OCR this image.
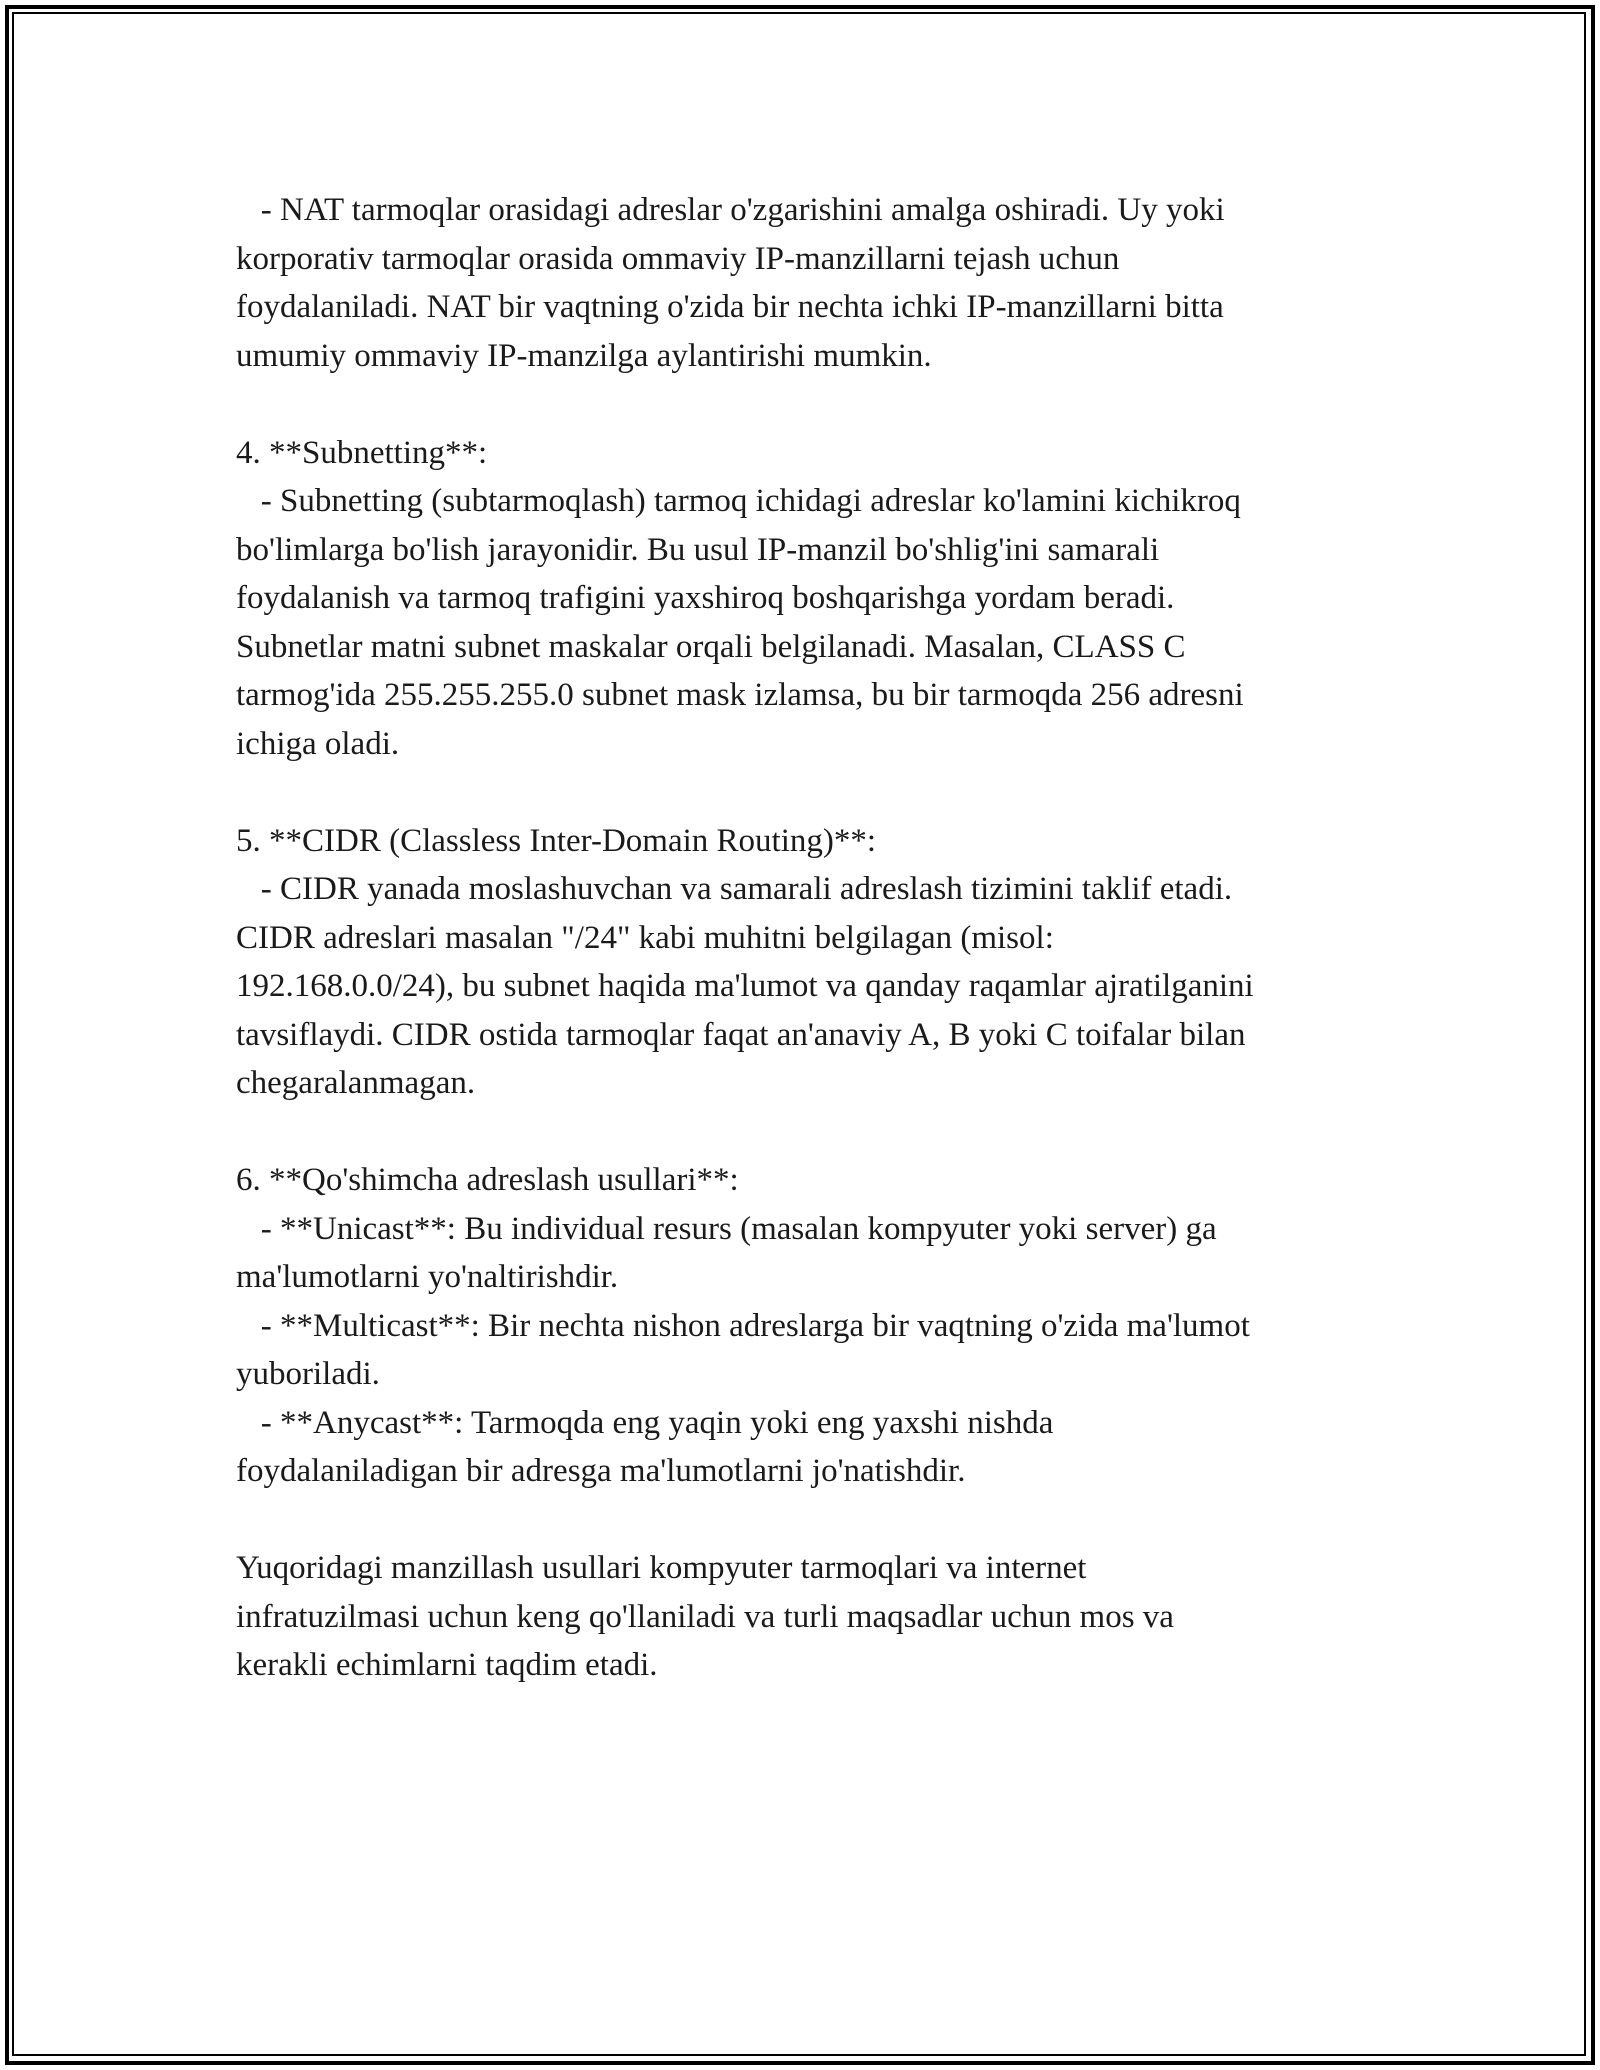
- NAT tarmoqlar orasidagi adreslar o'zgarishini amalga oshiradi. Uy yoki
korporativ tarmoqlar orasida ommaviy IP-manzillarni tejash uchun
foydalaniladi. NAT bir vaqtning o'zida bir nechta ichki IP-manzillarni bitta
umumiy ommaviy IP-manzilga aylantirishi mumkin.
4. **Subnetting**:
- Subnetting (subtarmoqlash) tarmoq ichidagi adreslar ko'lamini kichikroq
bo'limlarga bo'lish jarayonidir. Bu usul IP-manzil bo'shlig'ini samarali
foydalanish va tarmoq trafigini yaxshiroq boshqarishga yordam beradi.
Subnetlar matni subnet maskalar orqali belgilanadi. Masalan, CLASS C
tarmog'ida 255.255.255.0 subnet mask izlamsa, bu bir tarmoqda 256 adresni
ichiga oladi.
5. **CIDR (Classless Inter-Domain Routing)**:
- CIDR yanada moslashuvchan va samarali adreslash tizimini taklif etadi.
CIDR adreslari masalan "/24" kabi muhitni belgilagan (misol:
192.168.0.0/24), bu subnet haqida ma'lumot va qanday raqamlar ajratilganini
tavsiflaydi. CIDR ostida tarmoqlar faqat an'anaviy A, B yoki C toifalar bilan
chegaralanmagan.
6. **Qo'shimcha adreslash usullari**:
- **Unicast**: Bu individual resurs (masalan kompyuter yoki server) ga
ma'lumotlarni yo'naltirishdir.
- **Multicast**: Bir nechta nishon adreslarga bir vaqtning o'zida ma'lumot
yuboriladi.
- **Anycast**: Tarmoqda eng yaqin yoki eng yaxshi nishda
foydalaniladigan bir adresga ma'lumotlarni jo'natishdir.
Yuqoridagi manzillash usullari kompyuter tarmoqlari va internet
infratuzilmasi uchun keng qo'llaniladi va turli maqsadlar uchun mos va
kerakli echimlarni taqdim etadi.
